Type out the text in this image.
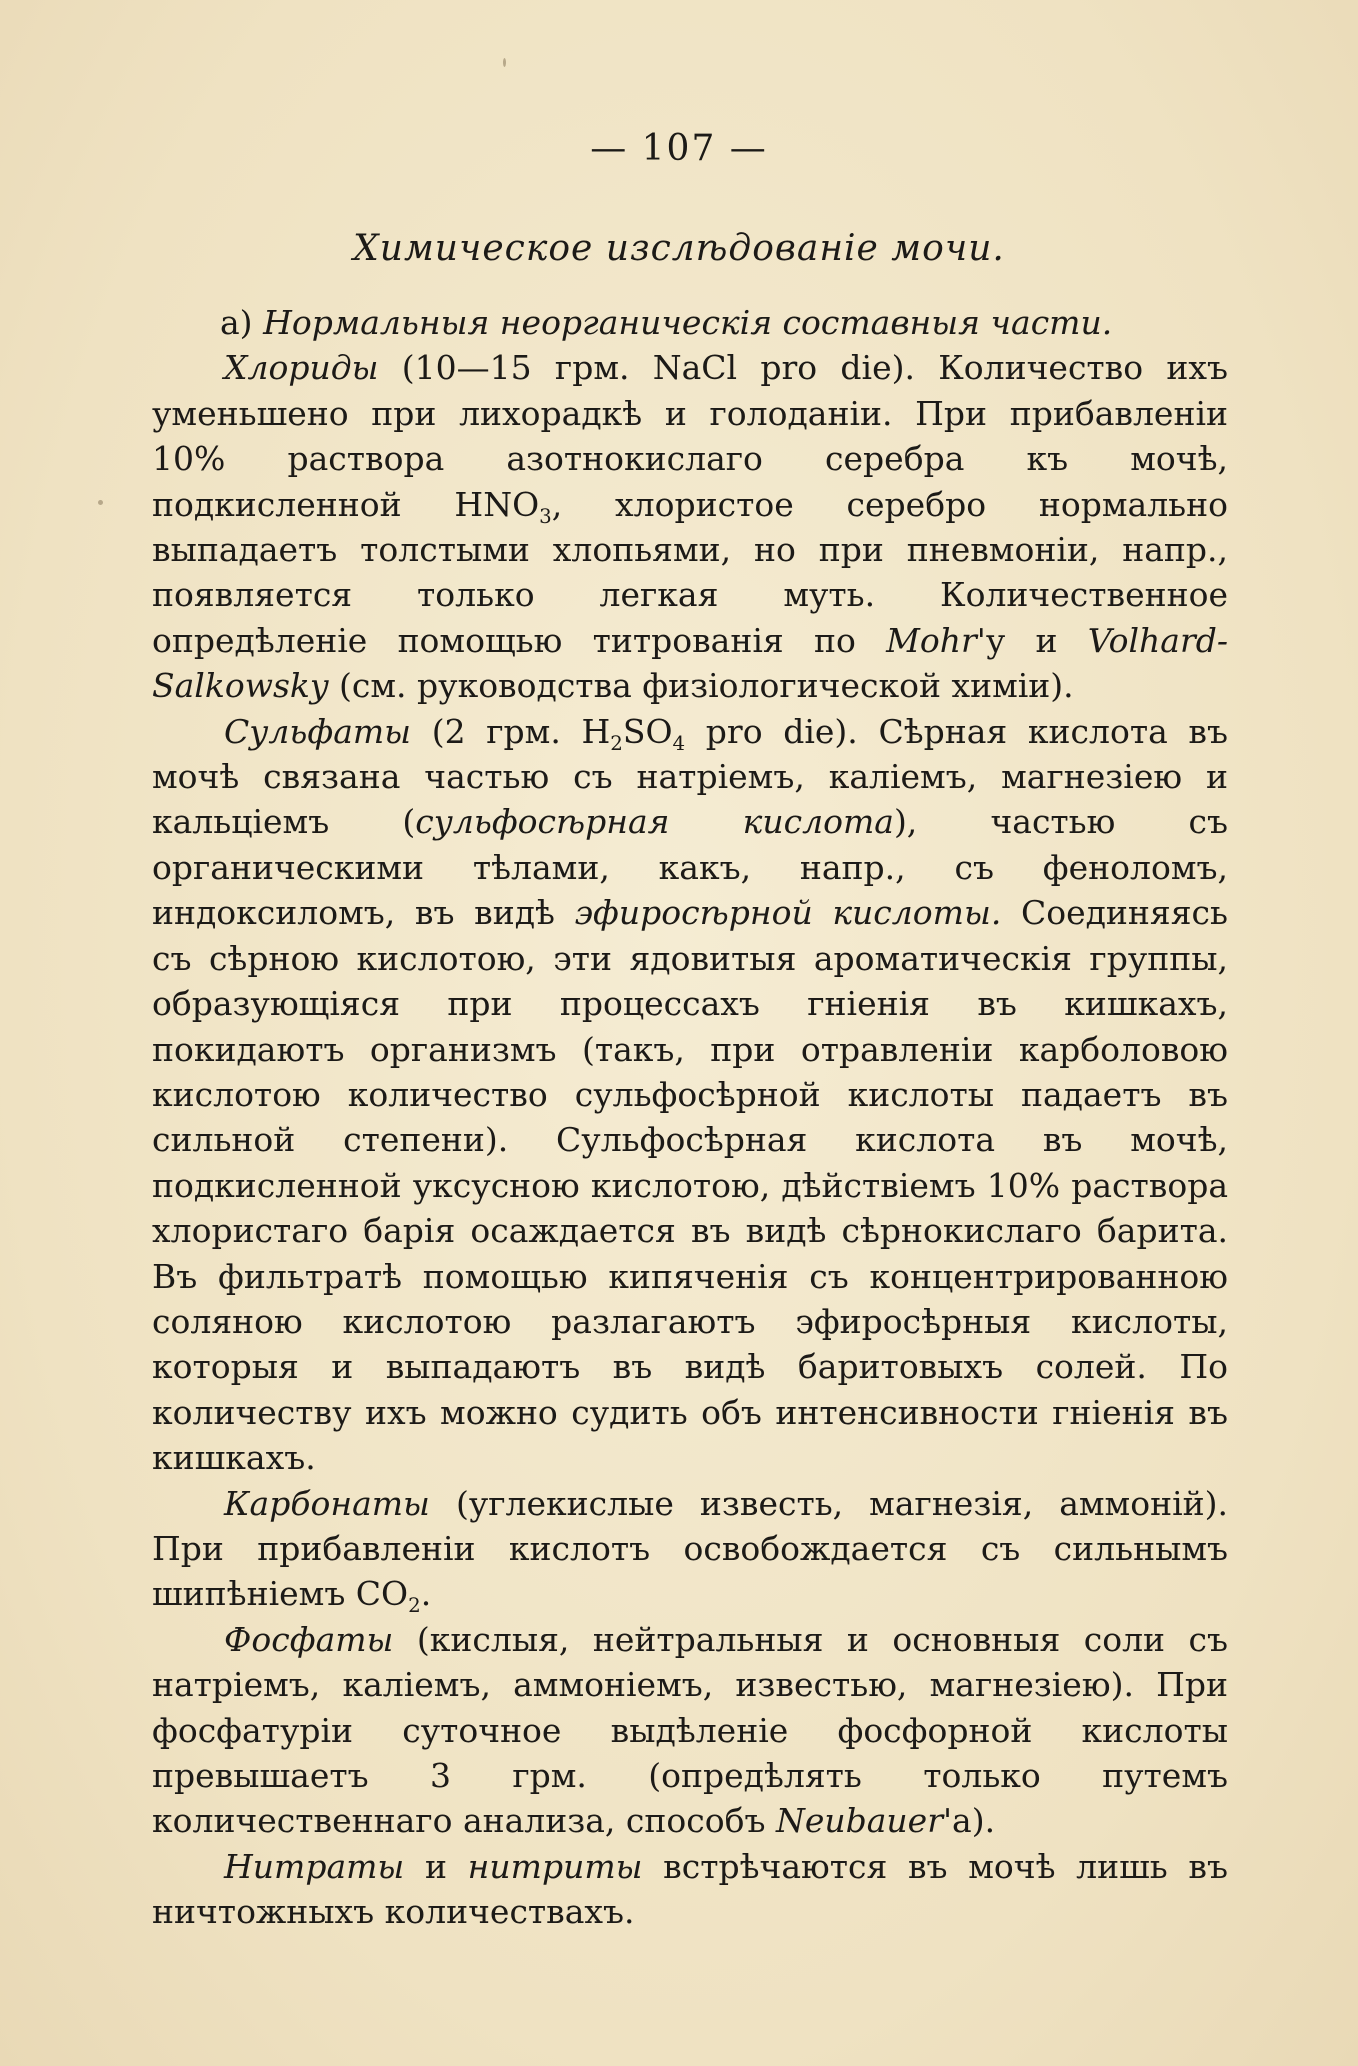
— 107 —
Химическое изслѣдованіе мочи.

a) Нормальныя неорганическія составныя части.

Хлориды (10—15 грм. NaCl pro die). Количество ихъ уменьшено при лихорадкѣ и голоданіи. При прибавленіи 10% раствора азотнокислаго серебра къ мочѣ, подкисленной $HNO_3$, хлористое серебро нормально выпадаетъ толстыми хлопьями, но при пневмоніи, напр., появляется только легкая муть. Количественное опредѣленіе помощью титрованія по Mohr'у и Volhard-Salkowsky (см. руководства физіологической химіи).

Сульфаты (2 грм. $H_2SO_4$ pro die). Сѣрная кислота въ мочѣ связана частью съ натріемъ, каліемъ, магнезіею и кальціемъ (сульфосѣрная кислота), частью съ органическими тѣлами, какъ, напр., съ феноломъ, индоксиломъ, въ видѣ эфиросѣрной кислоты. Соединяясь съ сѣрною кислотою, эти ядовитыя ароматическія группы, образующіяся при процессахъ гніенія въ кишкахъ, покидаютъ организмъ (такъ, при отравленіи карболовою кислотою количество сульфосѣрной кислоты падаетъ въ сильной степени). Сульфосѣрная кислота въ мочѣ, подкисленной уксусною кислотою, дѣйствіемъ 10% раствора хлористаго барія осаждается въ видѣ сѣрнокислаго барита. Въ фильтратѣ помощью кипяченія съ концентрированною соляною кислотою разлагаютъ эфиросѣрныя кислоты, которыя и выпадаютъ въ видѣ баритовыхъ солей. По количеству ихъ можно судить объ интенсивности гніенія въ кишкахъ.

Карбонаты (углекислые известь, магнезія, аммоній). При прибавленіи кислотъ освобождается съ сильнымъ шипѣніемъ $CO_2$.

Фосфаты (кислыя, нейтральныя и основныя соли съ натріемъ, каліемъ, аммоніемъ, известью, магнезіею). При фосфатуріи суточное выдѣленіе фосфорной кислоты превышаетъ 3 грм. (опредѣлять только путемъ количественнаго анализа, способъ Neubauer'а).

Нитраты и нитриты встрѣчаются въ мочѣ лишь въ ничтожныхъ количествахъ.
